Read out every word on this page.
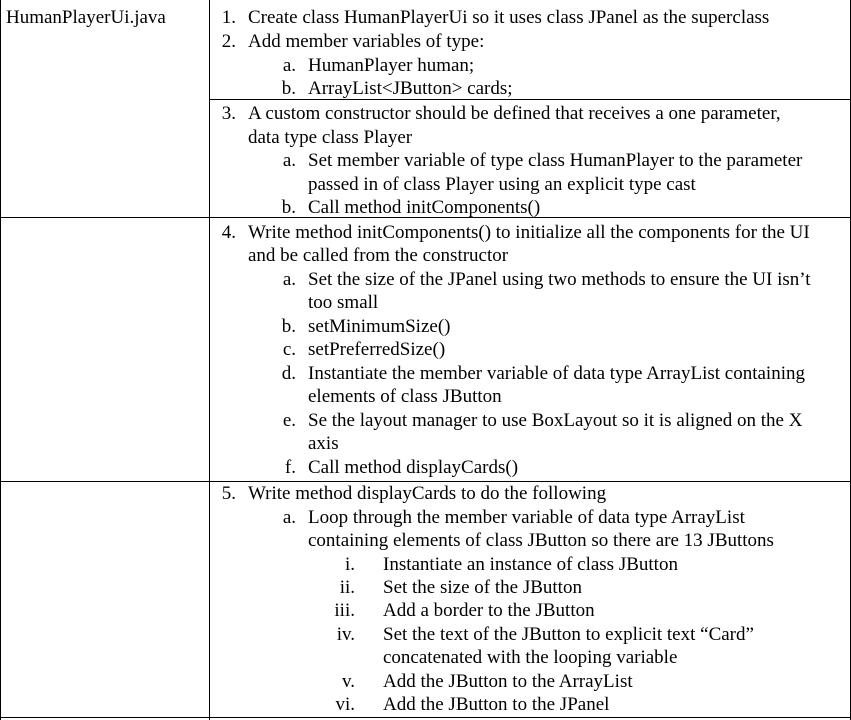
HumanPlayerUi.java	1. Create class HumanPlayerUi so it uses class JPanel as the superclass
2. Add member variables of type:
a. HumanPlayer human;
b. ArrayList<JButton> cards;
3. A custom constructor should be defined that receives a one parameter,
data type class Player
a. Set member variable of type class HumanPlayer to the parameter
passed in of class Player using an explicit type cast
b. Call method initComponents()
4. Write method initComponents() to initialize all the components for the UI
and be called from the constructor
a. Set the size of the JPanel using two methods to ensure the UI isn’t
too small
b. setMinimumSize()
c. setPreferredSize()
d. Instantiate the member variable of data type ArrayList containing
elements of class JButton
e. Se the layout manager to use BoxLayout so it is aligned on the X
axis
f. Call method displayCards()
5. Write method displayCards to do the following
a. Loop through the member variable of data type ArrayList
containing elements of class JButton so there are 13 JButtons
i. Instantiate an instance of class JButton
ii. Set the size of the JButton
iii. Add a border to the JButton
iv. Set the text of the JButton to explicit text “Card”
concatenated with the looping variable
v. Add the JButton to the ArrayList
vi. Add the JButton to the JPanel
